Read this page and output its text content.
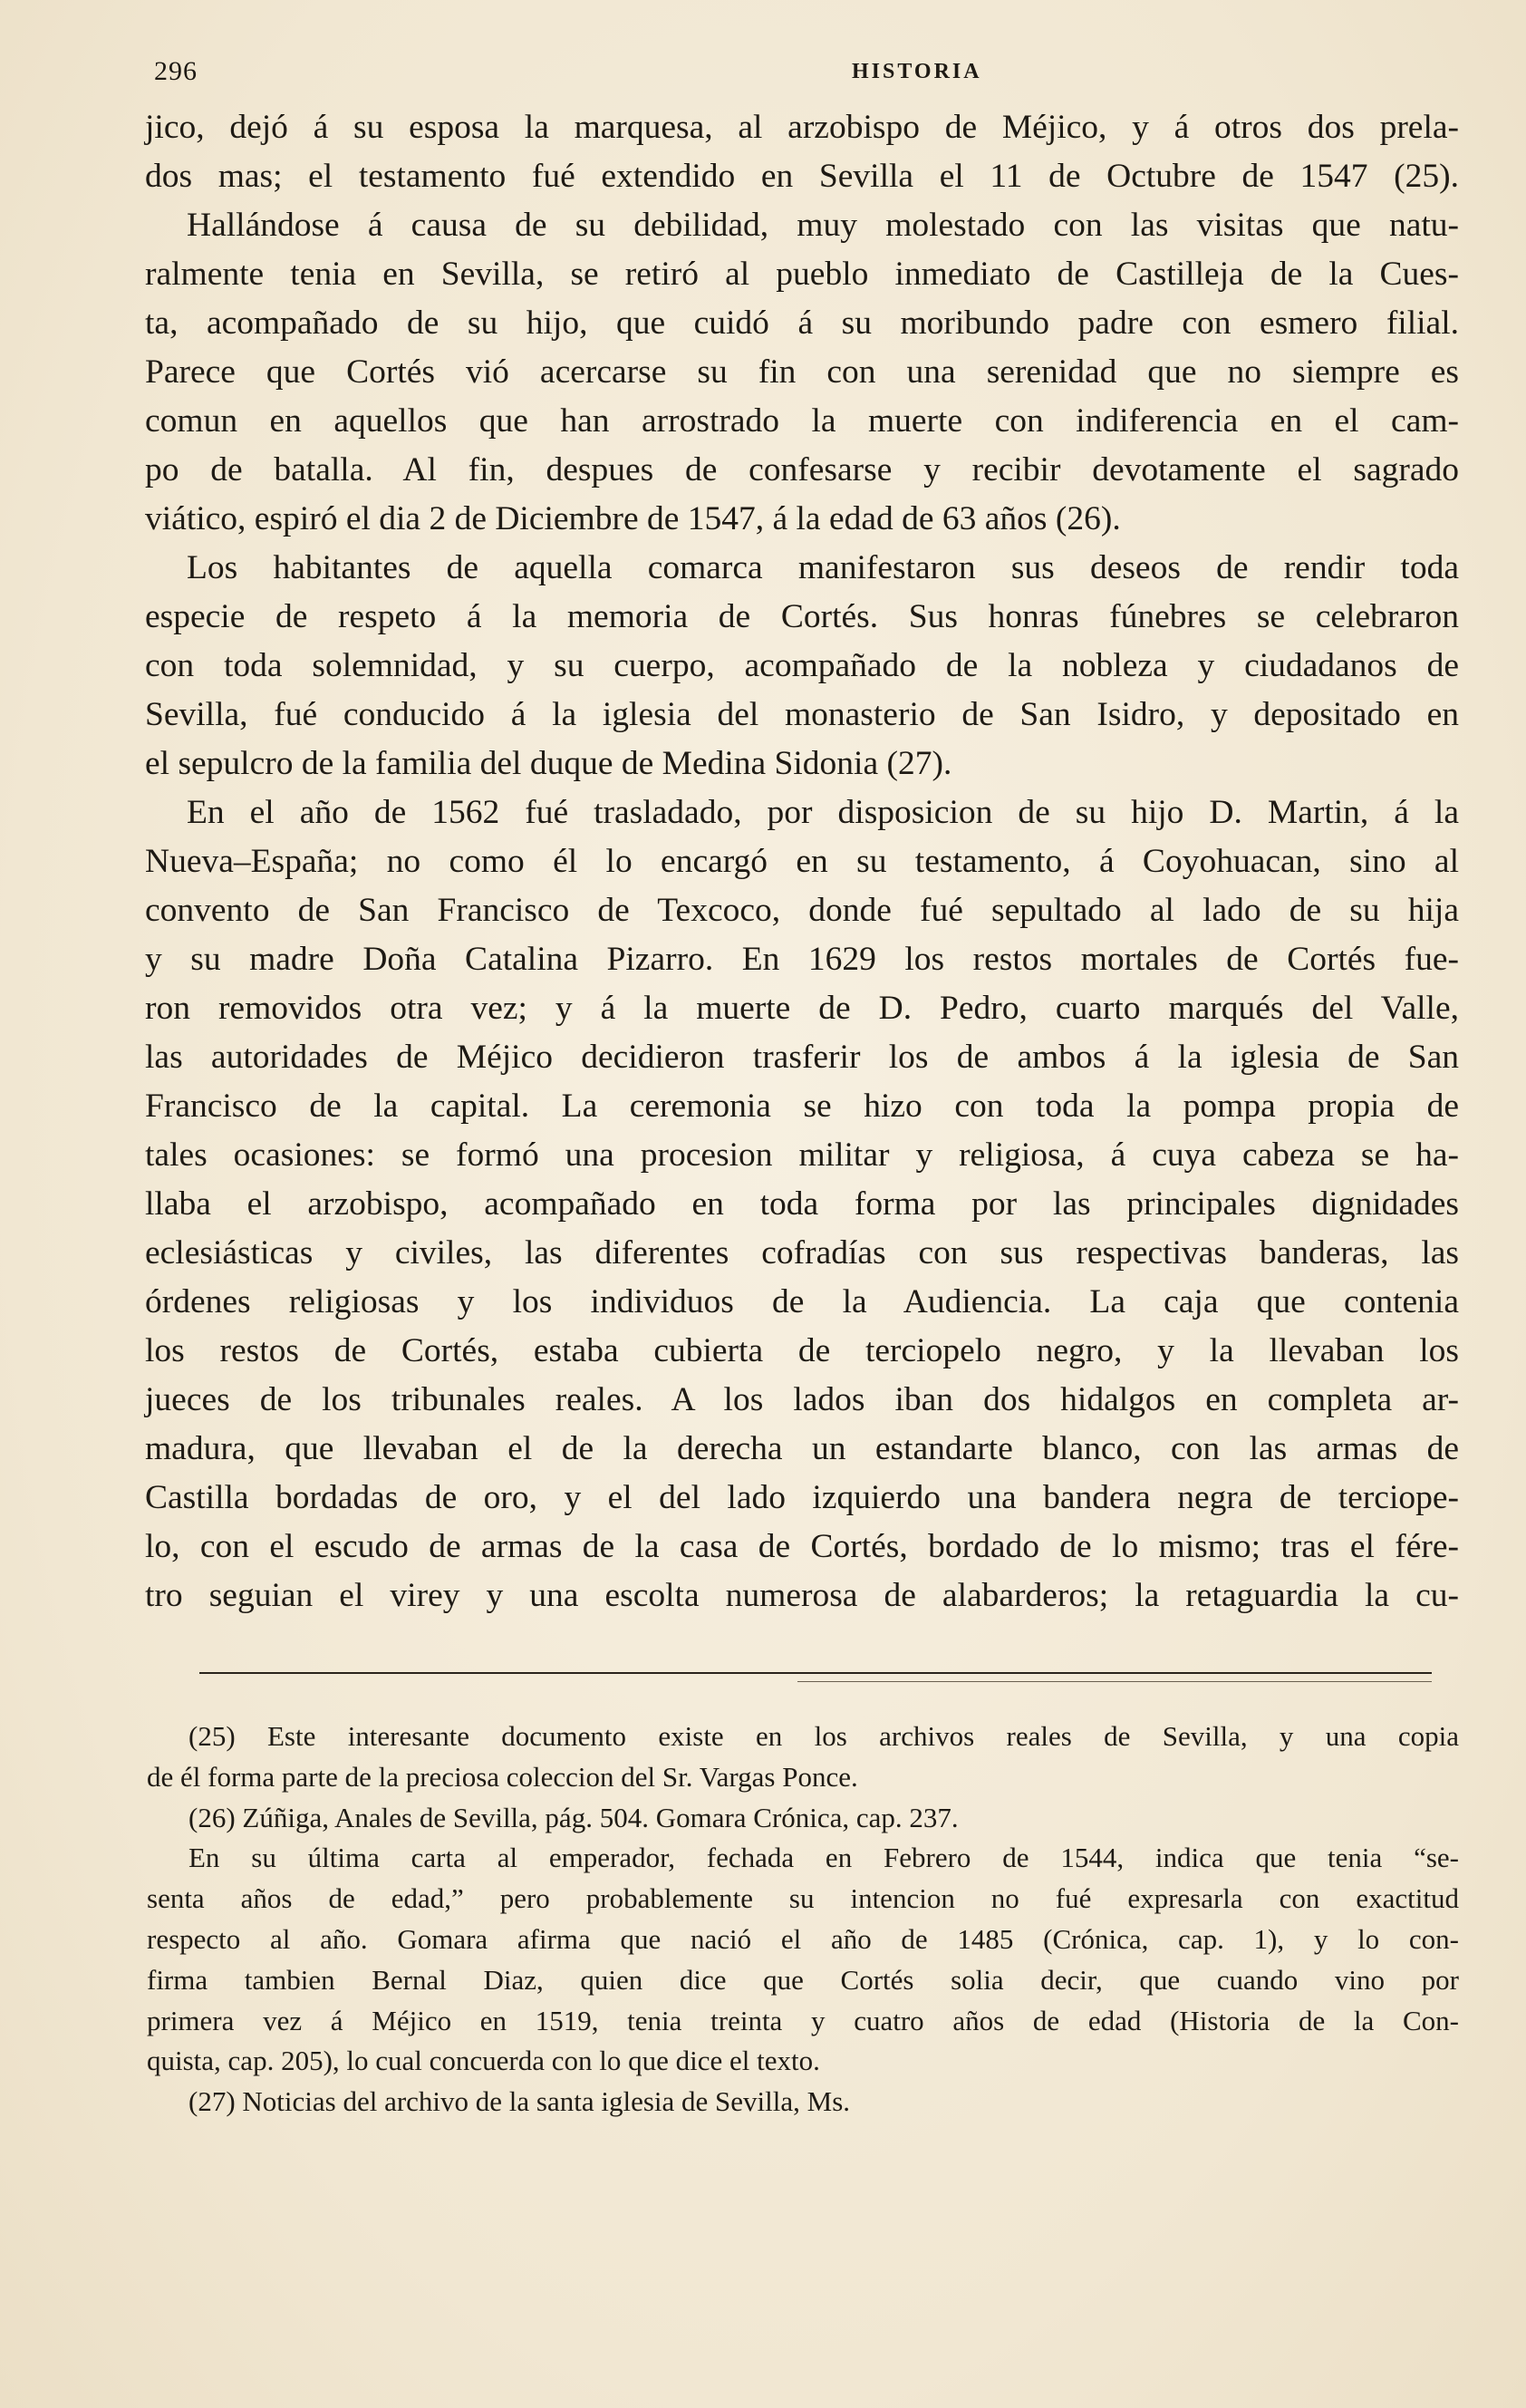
296	HISTORIA
jico, dejó á su esposa la marquesa, al arzobispo de Méjico, y á otros dos prela-
dos mas; el testamento fué extendido en Sevilla el 11 de Octubre de 1547 (25).
Hallándose á causa de su debilidad, muy molestado con las visitas que natu-
ralmente tenia en Sevilla, se retiró al pueblo inmediato de Castilleja de la Cues-
ta, acompañado de su hijo, que cuidó á su moribundo padre con esmero filial.
Parece que Cortés vió acercarse su fin con una serenidad que no siempre es
comun en aquellos que han arrostrado la muerte con indiferencia en el cam-
po de batalla. Al fin, despues de confesarse y recibir devotamente el sagrado
viático, espiró el dia 2 de Diciembre de 1547, á la edad de 63 años (26).
Los habitantes de aquella comarca manifestaron sus deseos de rendir toda
especie de respeto á la memoria de Cortés. Sus honras fúnebres se celebraron
con toda solemnidad, y su cuerpo, acompañado de la nobleza y ciudadanos de
Sevilla, fué conducido á la iglesia del monasterio de San Isidro, y depositado en
el sepulcro de la familia del duque de Medina Sidonia (27).
En el año de 1562 fué trasladado, por disposicion de su hijo D. Martin, á la
Nueva–España; no como él lo encargó en su testamento, á Coyohuacan, sino al
convento de San Francisco de Texcoco, donde fué sepultado al lado de su hija
y su madre Doña Catalina Pizarro. En 1629 los restos mortales de Cortés fue-
ron removidos otra vez; y á la muerte de D. Pedro, cuarto marqués del Valle,
las autoridades de Méjico decidieron trasferir los de ambos á la iglesia de San
Francisco de la capital. La ceremonia se hizo con toda la pompa propia de
tales ocasiones: se formó una procesion militar y religiosa, á cuya cabeza se ha-
llaba el arzobispo, acompañado en toda forma por las principales dignidades
eclesiásticas y civiles, las diferentes cofradías con sus respectivas banderas, las
órdenes religiosas y los individuos de la Audiencia. La caja que contenia
los restos de Cortés, estaba cubierta de terciopelo negro, y la llevaban los
jueces de los tribunales reales. A los lados iban dos hidalgos en completa ar-
madura, que llevaban el de la derecha un estandarte blanco, con las armas de
Castilla bordadas de oro, y el del lado izquierdo una bandera negra de terciope-
lo, con el escudo de armas de la casa de Cortés, bordado de lo mismo; tras el fére-
tro seguian el virey y una escolta numerosa de alabarderos; la retaguardia la cu-
(25) Este interesante documento existe en los archivos reales de Sevilla, y una copia
de él forma parte de la preciosa coleccion del Sr. Vargas Ponce.
(26) Zúñiga, Anales de Sevilla, pág. 504. Gomara Crónica, cap. 237.
En su última carta al emperador, fechada en Febrero de 1544, indica que tenia “se-
senta años de edad,” pero probablemente su intencion no fué expresarla con exactitud
respecto al año. Gomara afirma que nació el año de 1485 (Crónica, cap. 1), y lo con-
firma tambien Bernal Diaz, quien dice que Cortés solia decir, que cuando vino por
primera vez á Méjico en 1519, tenia treinta y cuatro años de edad (Historia de la Con-
quista, cap. 205), lo cual concuerda con lo que dice el texto.
(27) Noticias del archivo de la santa iglesia de Sevilla, Ms.
